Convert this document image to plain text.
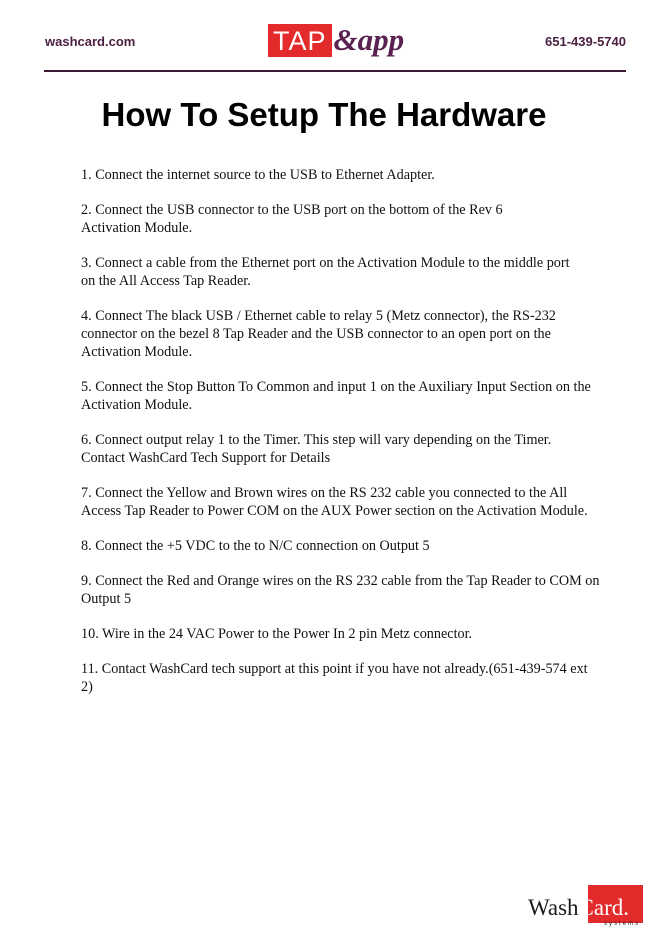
washcard.com	TAP &app	651-439-5740
How To Setup The Hardware

1. Connect the internet source to the USB to Ethernet Adapter.

2. Connect the USB connector to the USB port on the bottom of the Rev 6
Activation Module.

3. Connect a cable from the Ethernet port on the Activation Module to the middle port
on the All Access Tap Reader.

4. Connect The black USB / Ethernet cable to relay 5 (Metz connector), the RS-232
connector on the bezel 8 Tap Reader and the USB connector to an open port on the
Activation Module.

5. Connect the Stop Button To Common and input 1 on the Auxiliary Input Section on the
Activation Module.

6. Connect output relay 1 to the Timer. This step will vary depending on the Timer.
Contact WashCard Tech Support for Details

7. Connect the Yellow and Brown wires on the RS 232 cable you connected to the All
Access Tap Reader to Power COM on the AUX Power section on the Activation Module.

8. Connect the +5 VDC to the to N/C connection on Output 5

9. Connect the Red and Orange wires on the RS 232 cable from the Tap Reader to COM on
Output 5

10. Wire in the 24 VAC Power to the Power In 2 pin Metz connector.

11. Contact WashCard tech support at this point if you have not already.(651-439-574 ext
2)

WashCard.
systems
